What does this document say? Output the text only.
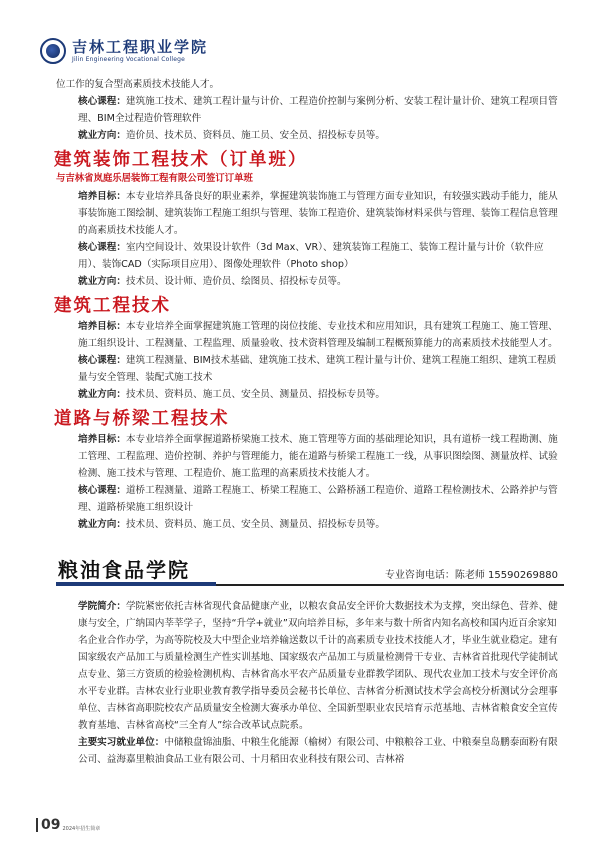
吉林工程职业学院
Jilin Engineering Vocational College
位工作的复合型高素质技术技能人才。
核心课程：建筑施工技术、建筑工程计量与计价、工程造价控制与案例分析、安装工程计量计价、建筑工程项目管理、BIM全过程造价管理软件
就业方向：造价员、技术员、资料员、施工员、安全员、招投标专员等。
建筑装饰工程技术（订单班）
与吉林省岚庭乐居装饰工程有限公司签订订单班
培养目标：本专业培养具备良好的职业素养，掌握建筑装饰施工与管理方面专业知识，有较强实践动手能力，能从事装饰施工图绘制、建筑装饰工程施工组织与管理、装饰工程造价、建筑装饰材料采供与管理、装饰工程信息管理的高素质技术技能人才。
核心课程：室内空间设计、效果设计软件（3d Max、VR）、建筑装饰工程施工、装饰工程计量与计价（软件应用）、装饰CAD（实际项目应用）、图像处理软件（Photo shop）
就业方向：技术员、设计师、造价员、绘图员、招投标专员等。
建筑工程技术
培养目标：本专业培养全面掌握建筑施工管理的岗位技能、专业技术和应用知识，具有建筑工程施工、施工管理、施工组织设计、工程测量、工程监理、质量验收、技术资料管理及编制工程概预算能力的高素质技术技能型人才。
核心课程：建筑工程测量、BIM技术基础、建筑施工技术、建筑工程计量与计价、建筑工程施工组织、建筑工程质量与安全管理、装配式施工技术
就业方向：技术员、资料员、施工员、安全员、测量员、招投标专员等。
道路与桥梁工程技术
培养目标：本专业培养全面掌握道路桥梁施工技术、施工管理等方面的基础理论知识，具有道桥一线工程勘测、施工管理、工程监理、造价控制、养护与管理能力，能在道路与桥梁工程施工一线，从事识图绘图、测量放样、试验检测、施工技术与管理、工程造价、施工监理的高素质技术技能人才。
核心课程：道桥工程测量、道路工程施工、桥梁工程施工、公路桥涵工程造价、道路工程检测技术、公路养护与管理、道路桥梁施工组织设计
就业方向：技术员、资料员、施工员、安全员、测量员、招投标专员等。
粮油食品学院	专业咨询电话：陈老师 15590269880
学院简介：学院紧密依托吉林省现代食品健康产业，以粮农食品安全评价大数据技术为支撑，突出绿色、营养、健康与安全，广纳国内莘莘学子，坚持“升学+就业”双向培养目标，多年来与数十所省内知名高校和国内近百余家知名企业合作办学，为高等院校及大中型企业培养输送数以千计的高素质专业技术技能人才，毕业生就业稳定。建有国家级农产品加工与质量检测生产性实训基地、国家级农产品加工与质量检测骨干专业、吉林省首批现代学徒制试点专业、第三方资质的检验检测机构、吉林省高水平农产品质量专业群教学团队、现代农业加工技术与安全评价高水平专业群。吉林农业行业职业教育教学指导委员会秘书长单位、吉林省分析测试技术学会高校分析测试分会理事单位、吉林省高职院校农产品质量安全检测大赛承办单位、全国新型职业农民培育示范基地、吉林省粮食安全宣传教育基地、吉林省高校“三全育人”综合改革试点院系。
主要实习就业单位：中储粮盘锦油脂、中粮生化能源（榆树）有限公司、中粮粮谷工业、中粮秦皇岛鹏泰面粉有限公司、益海嘉里粮油食品工业有限公司、十月稻田农业科技有限公司、吉林裕
09 2024年招生简章
